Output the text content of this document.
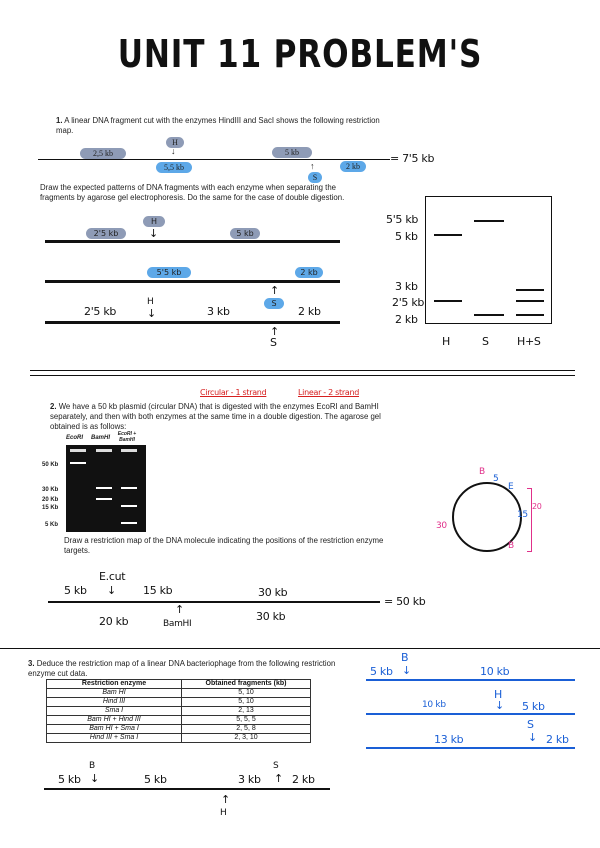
UNIT 11 PROBLEM'S
1. A linear DNA fragment cut with the enzymes HindIII and SacI shows the following restriction map.
H
↓
2,5 kb	5 kb
5,5 kb	↑	2 kb
S
= 7'5 kb
Draw the expected patterns of DNA fragments with each enzyme when separating the fragments by agarose gel electrophoresis. Do the same for the case of double digestion.
2'5 kb
H
↓	5 kb
5'5 kb	2 kb
↑
S
2'5 kb
H
↓	3 kb	2 kb
↑
S
5'5 kb
5 kb
3 kb
2'5 kb
2 kb
H	S	H+S
Circular - 1 strand	Linear - 2 strand
2. We have a 50 kb plasmid (circular DNA) that is digested with the enzymes EcoRI and BamHI separately, and then with both enzymes at the same time in a double digestion. The agarose gel obtained is as follows:
EcoRI BamHI
EcoRI + BamHI
50 Kb
30 Kb
20 Kb
15 Kb
5 Kb
Draw a restriction map of the DNA molecule indicating the positions of the restriction enzyme targets.
B
5
E
15
20
30
B
E.cut
5 kb ↓ 15 kb	30 kb
= 50 kb
↑
20 kb	BamHI
30 kb
3. Deduce the restriction map of a linear DNA bacteriophage from the following restriction enzyme cut data.
Restriction enzyme	Obtained fragments (kb)
Bam HI	5, 10
Hind III	5, 10
Sma I	2, 13
Bam HI + Hind III	5, 5, 5
Bam HI + Sma I	2, 5, 8
Hind III + Sma I	2, 3, 10
B
5 kb ↓	10 kb
H
10 kb	↓ 5 kb
S
13 kb	↓ 2 kb
B	S
5 kb ↓	5 kb	3 kb ↑ 2 kb
↑
H
